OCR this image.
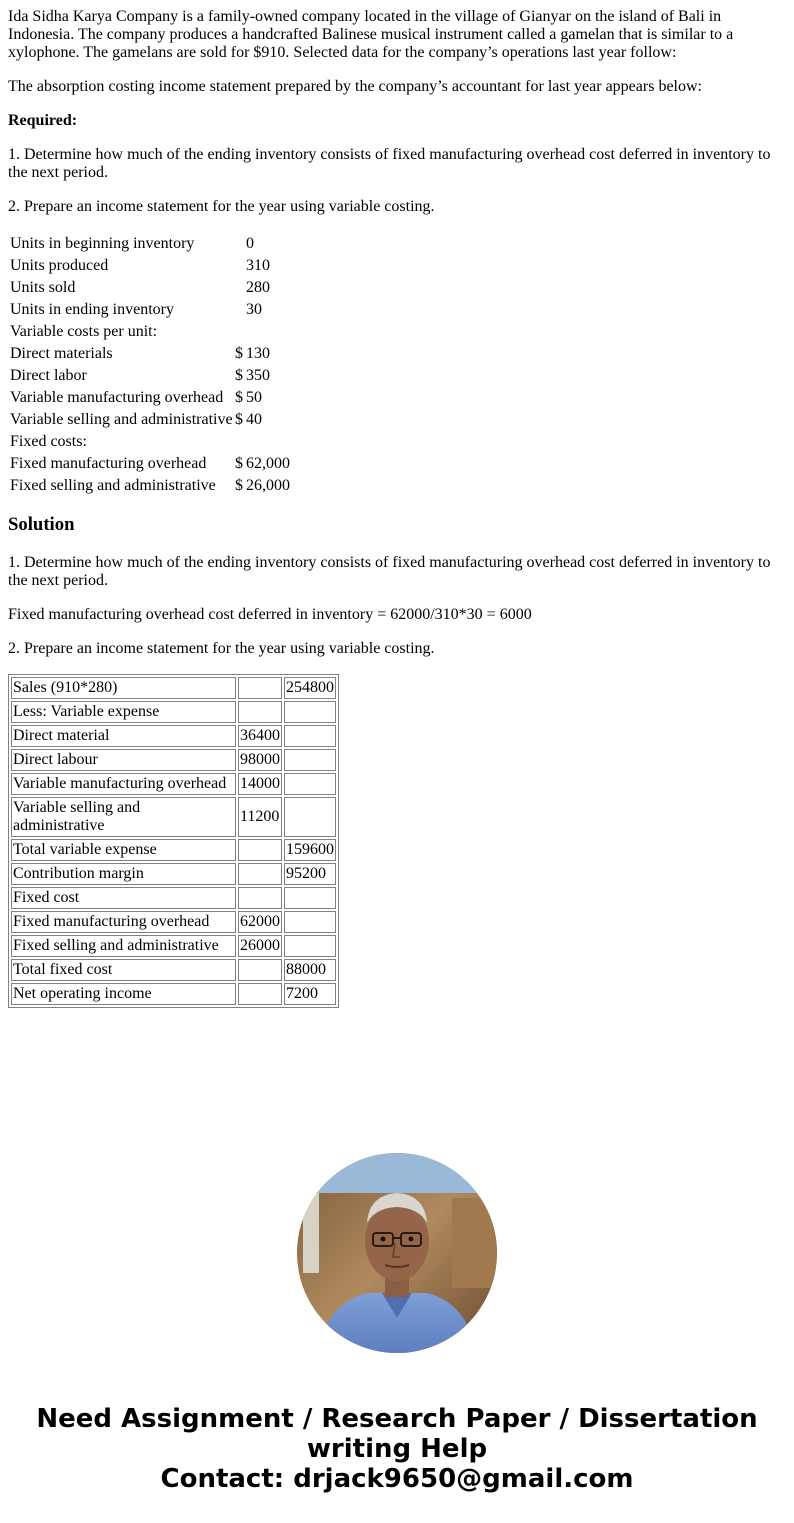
Ida Sidha Karya Company is a family-owned company located in the village of Gianyar on the island of Bali in Indonesia. The company produces a handcrafted Balinese musical instrument called a gamelan that is similar to a xylophone. The gamelans are sold for $910. Selected data for the company’s operations last year follow:

The absorption costing income statement prepared by the company’s accountant for last year appears below:

Required:

1. Determine how much of the ending inventory consists of fixed manufacturing overhead cost deferred in inventory to the next period.

2. Prepare an income statement for the year using variable costing.

Units in beginning inventory		0
Units produced		310
Units sold		280
Units in ending inventory		30
Variable costs per unit:		
Direct materials	$	130
Direct labor	$	350
Variable manufacturing overhead	$	50
Variable selling and administrative	$	40
Fixed costs:		
Fixed manufacturing overhead	$	62,000
Fixed selling and administrative	$	26,000
Solution

1. Determine how much of the ending inventory consists of fixed manufacturing overhead cost deferred in inventory to the next period.

Fixed manufacturing overhead cost deferred in inventory = 62000/310*30 = 6000

2. Prepare an income statement for the year using variable costing.

Sales (910*280)		254800
Less: Variable expense		
Direct material	36400	
Direct labour	98000	
Variable manufacturing overhead	14000	
Variable selling and administrative	11200	
Total variable expense		159600
Contribution margin		95200
Fixed cost		
Fixed manufacturing overhead	62000	
Fixed selling and administrative	26000	
Total fixed cost		88000
Net operating income		7200
Need Assignment / Research Paper / Dissertation
writing Help
Contact: drjack9650@gmail.com
